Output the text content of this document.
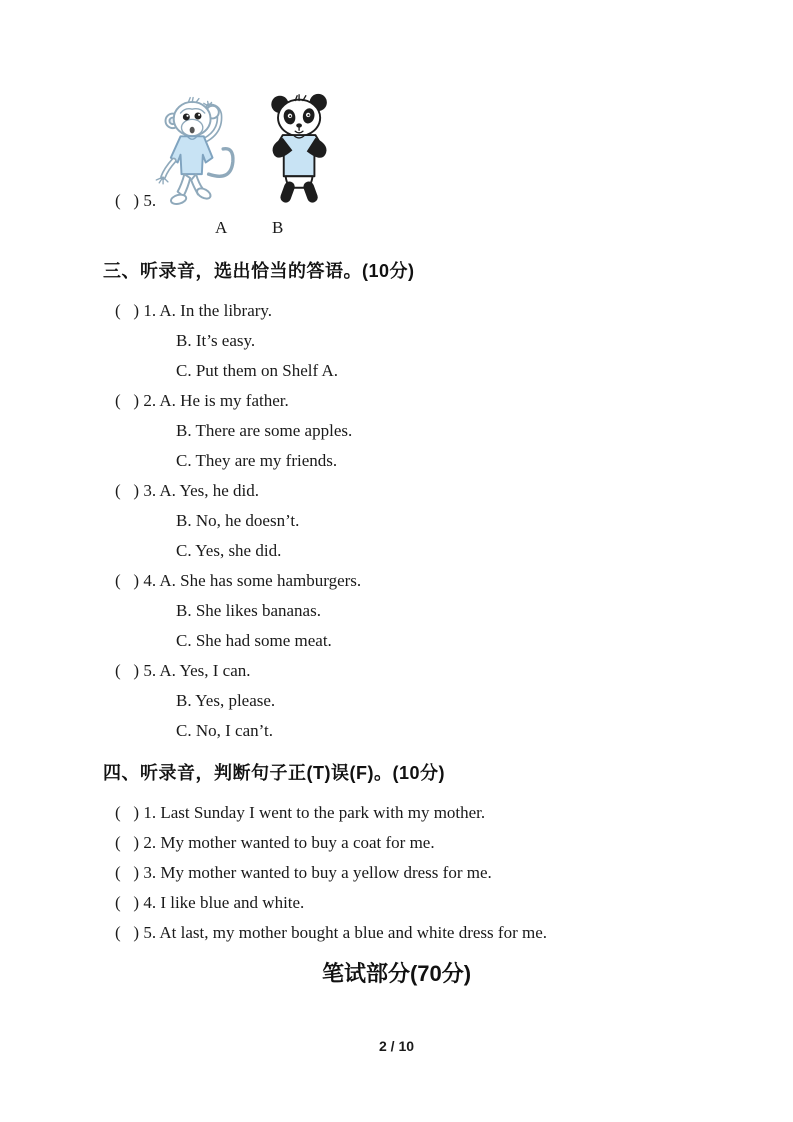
(   ) 5.
A	B
三、听录音，选出恰当的答语。(10分)
(   ) 1. A. In the library.
B. It’s easy.
C. Put them on Shelf A.
(   ) 2. A. He is my father.
B. There are some apples.
C. They are my friends.
(   ) 3. A. Yes, he did.
B. No, he doesn’t.
C. Yes, she did.
(   ) 4. A. She has some hamburgers.
B. She likes bananas.
C. She had some meat.
(   ) 5. A. Yes, I can.
B. Yes, please.
C. No, I can’t.
四、听录音，判断句子正(T)误(F)。(10分)
(   ) 1. Last Sunday I went to the park with my mother.
(   ) 2. My mother wanted to buy a coat for me.
(   ) 3. My mother wanted to buy a yellow dress for me.
(   ) 4. I like blue and white.
(   ) 5. At last, my mother bought a blue and white dress for me.
笔试部分(70分)
2 / 10
